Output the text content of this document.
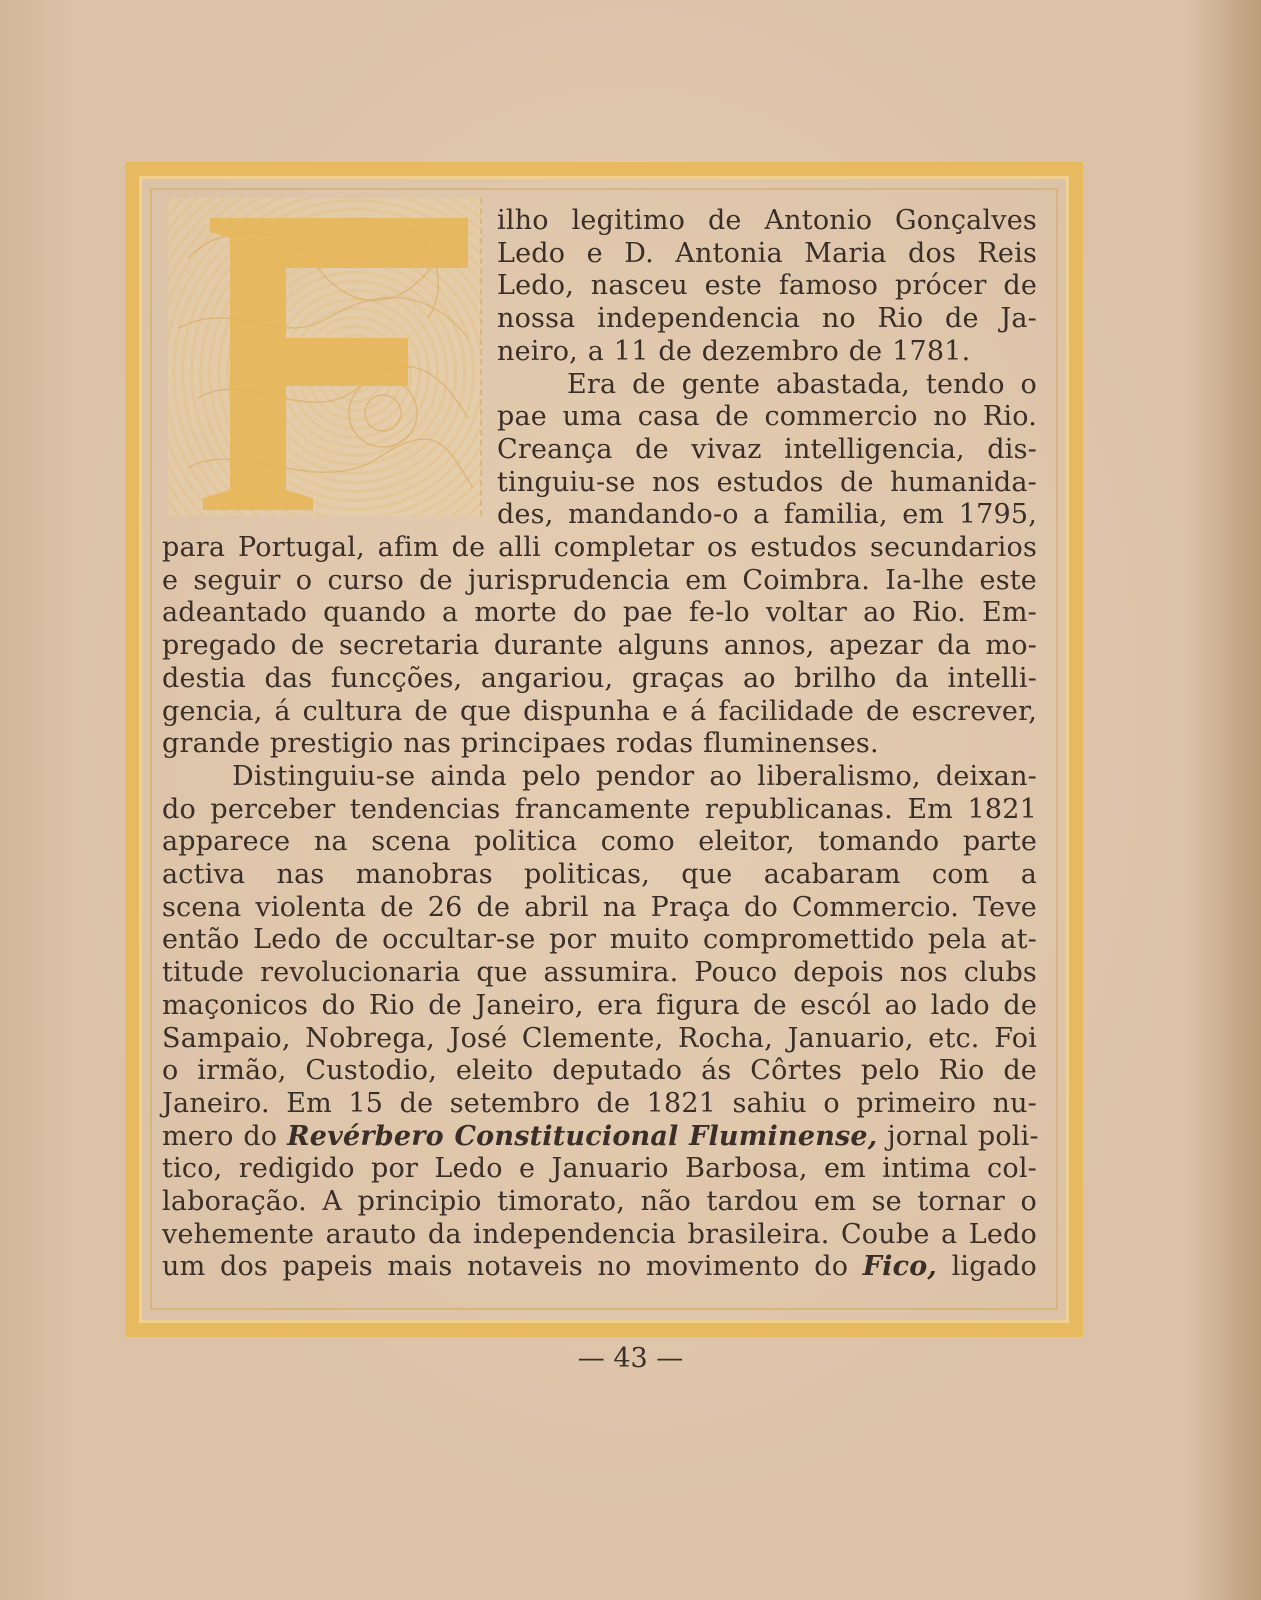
ilho legitimo de Antonio Gonçalves
Ledo e D. Antonia Maria dos Reis
Ledo, nasceu este famoso prócer de
nossa independencia no Rio de Ja-
neiro, a 11 de dezembro de 1781.
Era de gente abastada, tendo o
pae uma casa de commercio no Rio.
Creança de vivaz intelligencia, dis-
tinguiu-se nos estudos de humanida-
des, mandando-o a familia, em 1795,
para Portugal, afim de alli completar os estudos secundarios
e seguir o curso de jurisprudencia em Coimbra. Ia-lhe este
adeantado quando a morte do pae fe-lo voltar ao Rio. Em-
pregado de secretaria durante alguns annos, apezar da mo-
destia das funcções, angariou, graças ao brilho da intelli-
gencia, á cultura de que dispunha e á facilidade de escrever,
grande prestigio nas principaes rodas fluminenses.
Distinguiu-se ainda pelo pendor ao liberalismo, deixan-
do perceber tendencias francamente republicanas. Em 1821
apparece na scena politica como eleitor, tomando parte
activa nas manobras politicas, que acabaram com a
scena violenta de 26 de abril na Praça do Commercio. Teve
então Ledo de occultar-se por muito compromettido pela at-
titude revolucionaria que assumira. Pouco depois nos clubs
maçonicos do Rio de Janeiro, era figura de escól ao lado de
Sampaio, Nobrega, José Clemente, Rocha, Januario, etc. Foi
o irmão, Custodio, eleito deputado ás Côrtes pelo Rio de
Janeiro. Em 15 de setembro de 1821 sahiu o primeiro nu-
mero do Revérbero Constitucional Fluminense, jornal poli-
tico, redigido por Ledo e Januario Barbosa, em intima col-
laboração. A principio timorato, não tardou em se tornar o
vehemente arauto da independencia brasileira. Coube a Ledo
um dos papeis mais notaveis no movimento do Fico, ligado
— 43 —
